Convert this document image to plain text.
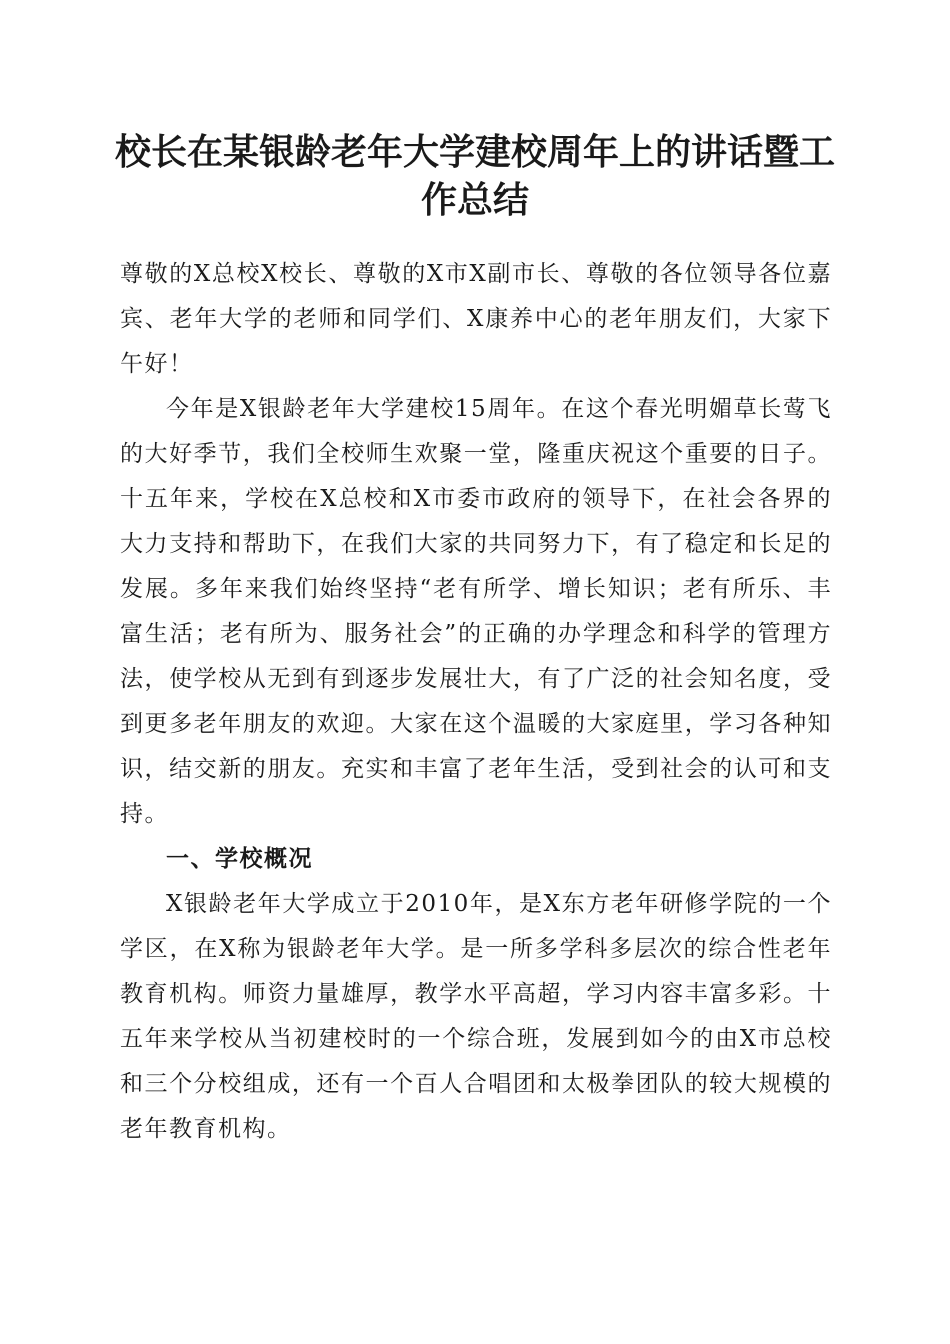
校长在某银龄老年大学建校周年上的讲话暨工作总结

尊敬的X总校X校长、尊敬的X市X副市长、尊敬的各位领导各位嘉宾、老年大学的老师和同学们、X康养中心的老年朋友们，大家下午好！

今年是X银龄老年大学建校15周年。在这个春光明媚草长莺飞的大好季节，我们全校师生欢聚一堂，隆重庆祝这个重要的日子。十五年来，学校在X总校和X市委市政府的领导下，在社会各界的大力支持和帮助下，在我们大家的共同努力下，有了稳定和长足的发展。多年来我们始终坚持“老有所学、增长知识；老有所乐、丰富生活；老有所为、服务社会”的正确的办学理念和科学的管理方法，使学校从无到有到逐步发展壮大，有了广泛的社会知名度，受到更多老年朋友的欢迎。大家在这个温暖的大家庭里，学习各种知识，结交新的朋友。充实和丰富了老年生活，受到社会的认可和支持。

一、学校概况

X银龄老年大学成立于2010年，是X东方老年研修学院的一个学区，在X称为银龄老年大学。是一所多学科多层次的综合性老年教育机构。师资力量雄厚，教学水平高超，学习内容丰富多彩。十五年来学校从当初建校时的一个综合班，发展到如今的由X市总校和三个分校组成，还有一个百人合唱团和太极拳团队的较大规模的老年教育机构。
